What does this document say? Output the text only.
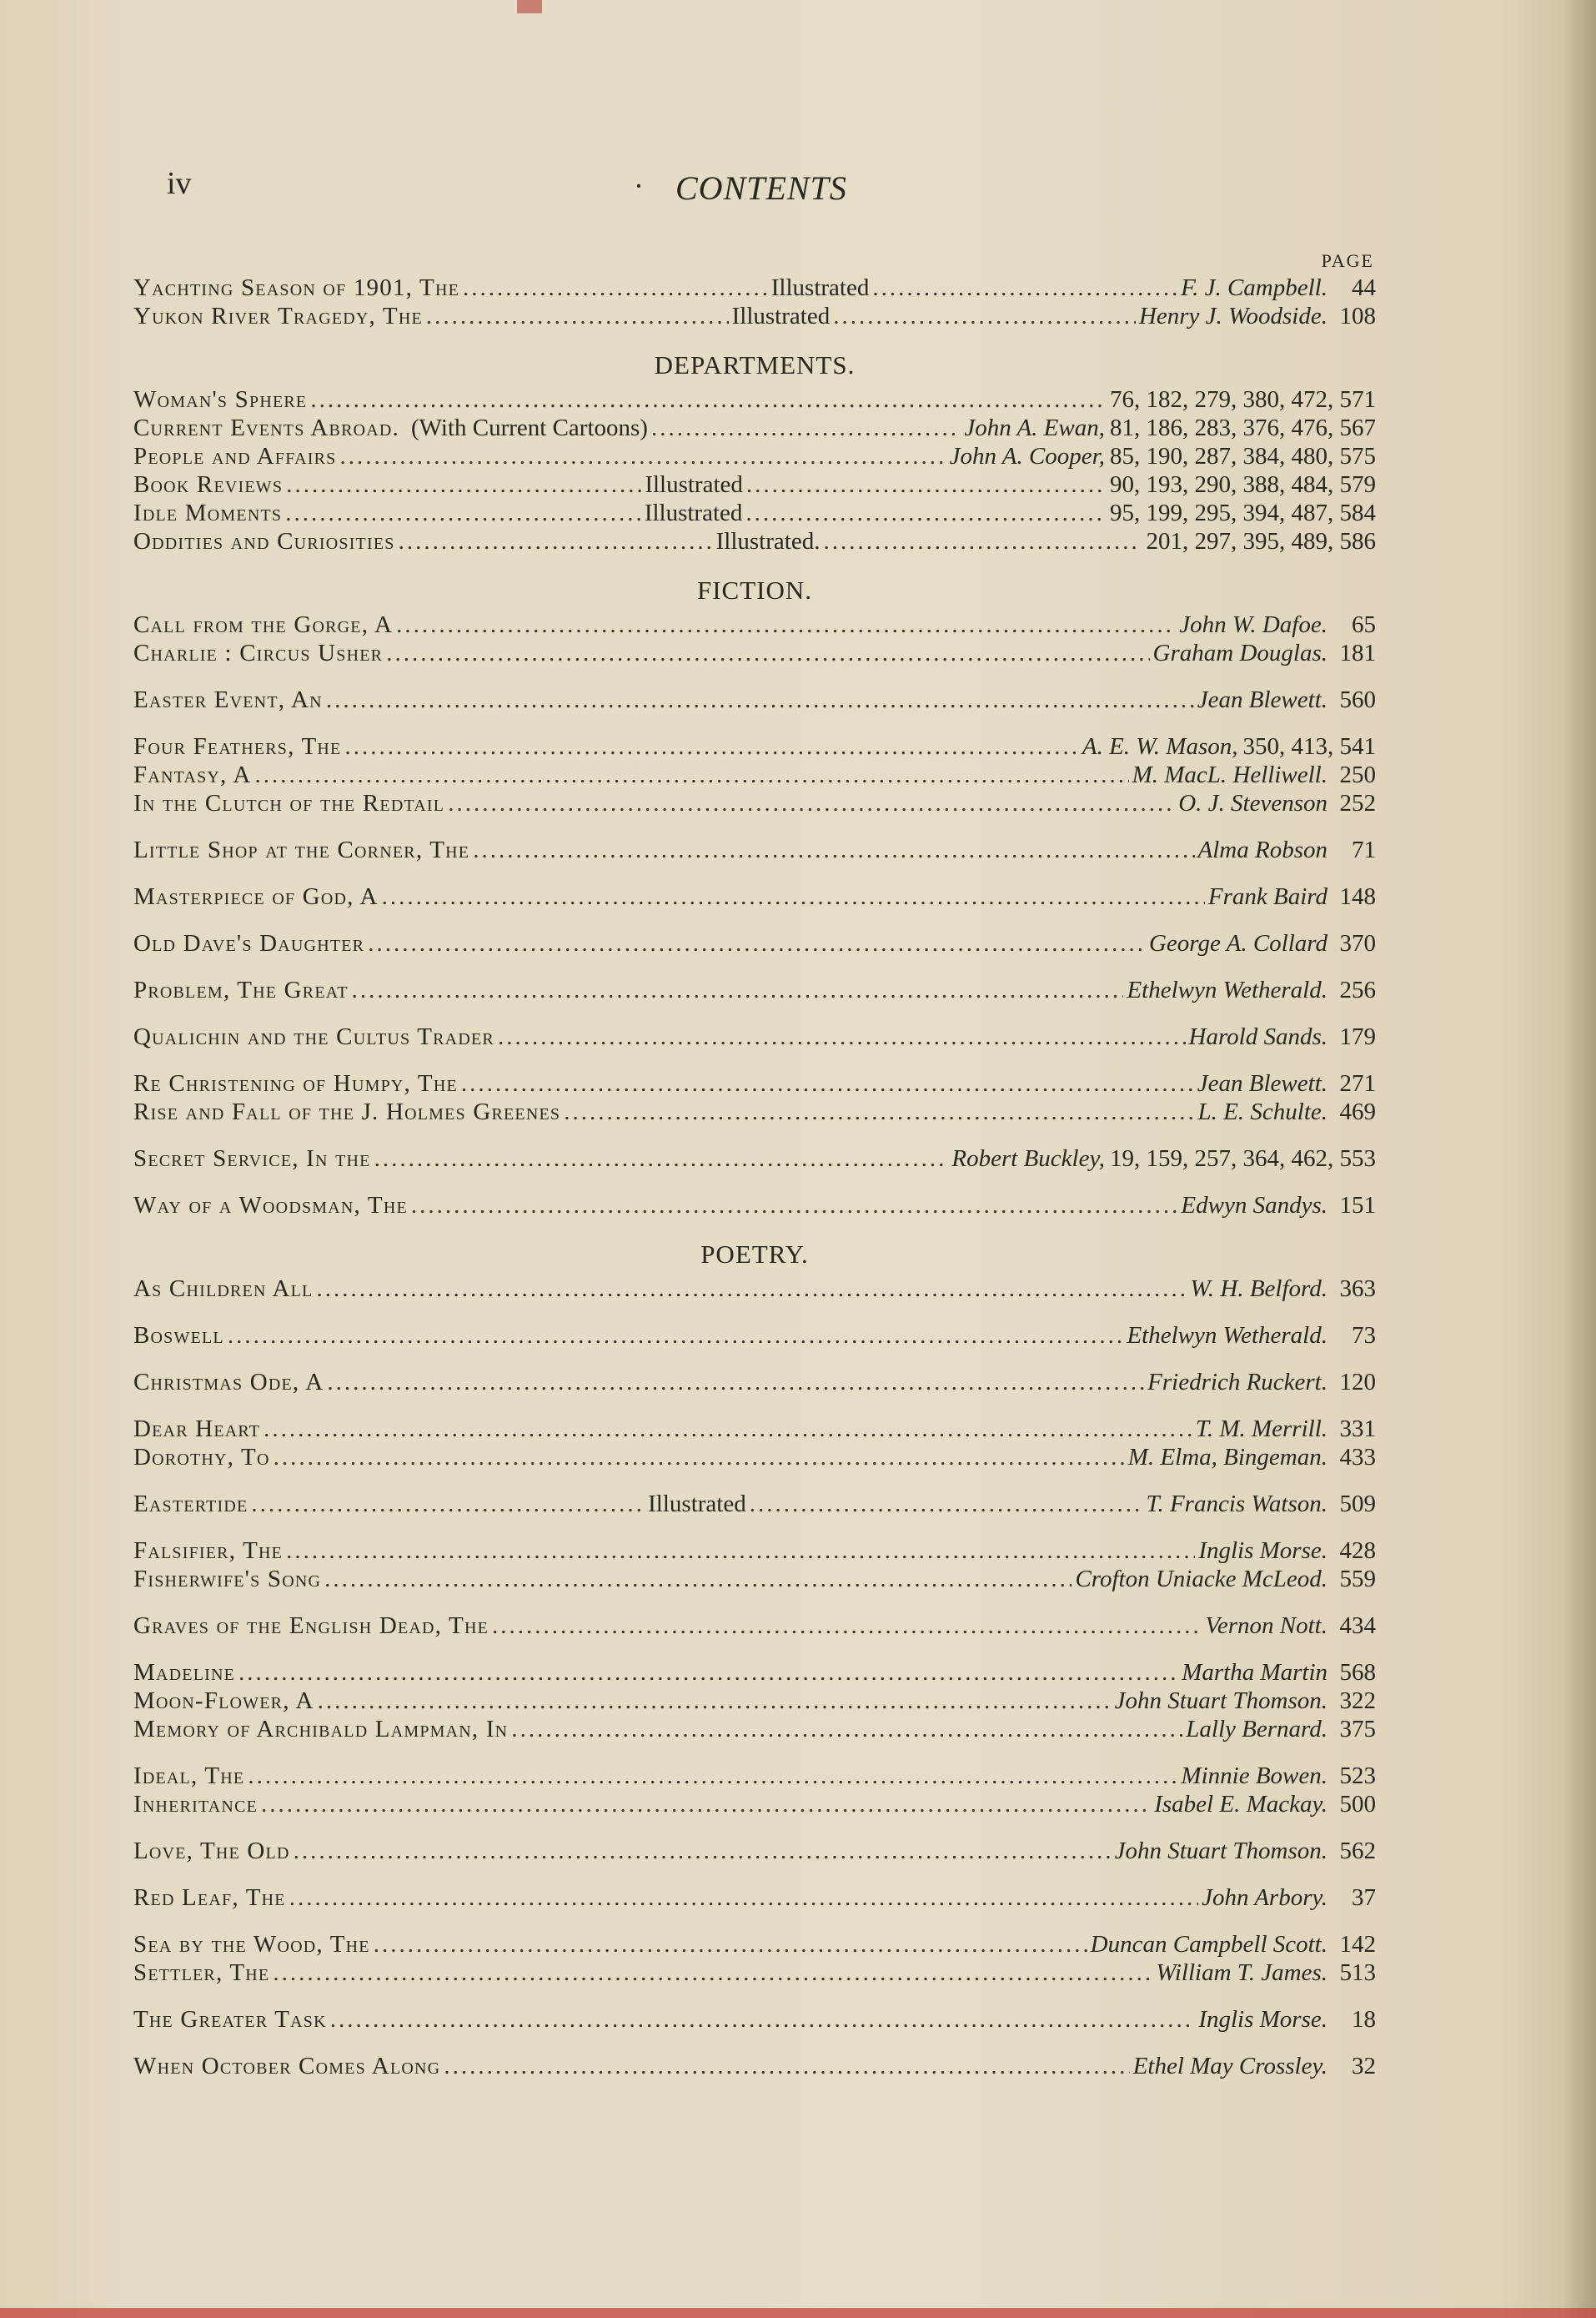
iv	· CONTENTS
PAGE
Yachting Season of 1901, The .....	Illustrated .....	F. J. Campbell.	44
Yukon River Tragedy, The .....	Illustrated .....	Henry J. Woodside. 108
DEPARTMENTS.
Woman's Sphere .....	76, 182, 279, 380, 472, 571
Current Events Abroad. (With Current Cartoons) .....	John A. Ewan, 81, 186, 283, 376, 476, 567
People and Affairs .....	John A. Cooper, 85, 190, 287, 384, 480, 575
Book Reviews .....	Illustrated .....	90, 193, 290, 388, 484, 579
Idle Moments .....	Illustrated .....	95, 199, 295, 394, 487, 584
Oddities and Curiosities .....	Illustrated. .....	201, 297, 395, 489, 586
FICTION.
Call from the Gorge, A .....	John W. Dafoe.	65
Charlie : Circus Usher .....	Graham Douglas. 181
Easter Event, An .....	Jean Blewett. 560
Four Feathers, The .....	A. E. W. Mason, 350, 413, 541
Fantasy, A .....	M. MacL. Helliwell. 250
In the Clutch of the Redtail .....	O. J. Stevenson 252
Little Shop at the Corner, The .....	Alma Robson	71
Masterpiece of God, A .....	Frank Baird 148
Old Dave's Daughter .....	George A. Collard 370
Problem, The Great .....	Ethelwyn Wetherald. 256
Qualichin and the Cultus Trader .....	Harold Sands. 179
Re Christening of Humpy, The .....	Jean Blewett. 271
Rise and Fall of the J. Holmes Greenes .....	L. E. Schulte. 469
Secret Service, In the .....	Robert Buckley, 19, 159, 257, 364, 462, 553
Way of a Woodsman, The .....	Edwyn Sandys. 151
POETRY.
As Children All .....	W. H. Belford. 363
Boswell .....	Ethelwyn Wetherald.	73
Christmas Ode, A .....	Friedrich Ruckert. 120
Dear Heart .....	T. M. Merrill. 331
Dorothy, To .....	M. Elma, Bingeman. 433
Eastertide .....	Illustrated .....	T. Francis Watson. 509
Falsifier, The .....	Inglis Morse. 428
Fisherwife's Song .....	Crofton Uniacke McLeod. 559
Graves of the English Dead, The .....	Vernon Nott. 434
Madeline .....	Martha Martin 568
Moon-Flower, A .....	John Stuart Thomson. 322
Memory of Archibald Lampman, In .....	Lally Bernard. 375
Ideal, The .....	Minnie Bowen. 523
Inheritance .....	Isabel E. Mackay. 500
Love, The Old .....	John Stuart Thomson. 562
Red Leaf, The .....	John Arbory.	37
Sea by the Wood, The .....	Duncan Campbell Scott. 142
Settler, The .....	William T. James. 513
The Greater Task .....	Inglis Morse.	18
When October Comes Along .....	Ethel May Crossley.	32
